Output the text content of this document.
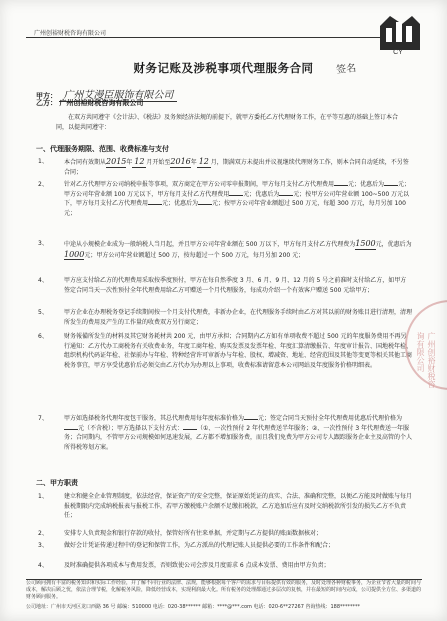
广州创裕财税咨询有限公司
CY
财务记账及涉税事项代理服务合同	签名
甲方： 广州艾漫臣服饰有限公司
乙方： 广州创裕财税咨询有限公司
在双方共同遵守《会计法》、《税法》及务须经济法规的前提下，就甲方委托乙方代理财务工作，在平等互惠的基础上签订本合同，以提共同遵守：
一、代理服务期限、范围、收费标准与支付
1、	本合同有效期从2015年 12 月开始至2016年 12 月，期满双方未提出并议视继续代理财务工作，则本合同自动延续，不另签合同；
2、	针对乙方代理甲方公司纳税申报等事项，双方商定在甲方公司零申报期间，甲方每月支付乙方代理费用 元；优惠后为 元；甲方公司年营业额 100 万元以下，甲方每月支付乙方代理费用 元；优惠后为 元；按甲方公司年营业额 100~500 万元以下，甲方每月支付乙方代理费用 元；优惠后为 元；按甲方公司年营业额超过 500 万元，每超 300 万元，每月另加 100 元；
3、	中途从小规模企业成为一般纳税人当月起，并且甲方公司年营业额在 500 万以下，甲方每月支付乙方代理费为1500元，优惠后为1000元；甲方公司年营业额超过 500 万，按每超过一个 500 万元，每月另加 200 元；
4、	甲方应支付给乙方的代理费用采取按季度预付，甲方在每自然季度 3 月、6 月、9 月、12 月的 5 号之前准时支付给乙方，如甲方签定合同当天一次性预付全年代理费用给乙方可赠送一个月代理服务，每成功介绍一个有效客户赠送 500 元给甲方；
5、	甲方企业在办理税务登记手续期间按一个月支付代理费，非新办企业，在代理服务手续时由乙方对其以前的财务账目进行清理，清理所发生的费用及产生的工作量的收费双方另行商定；
6、	财务報備所发生的材料及其它财务耗材共 200 元，由甲方承担；合同期内乙方如有单项收费不超过 500 元的年度服务费用不再另行通知：乙方代办工商税务有关收费业务，年度工商年检、购买发票及发票年检、年度汇算清缴报告、年度审计报告、国地税年检、组织机构代码证年检、社保前办与年检、特种经营许可审新办与年检、股权、增减资、地址、经营范围及其他等变更等相关其他工商税务事宜，甲方享受优惠价后必须交由乙方代办为办理以上事项，收费标准请留意本公司网站及年度服务价格明细表。
7、	甲方如选择税务代理年度包干服务，其总代理费用每年度标准价格为 元；签定合同当天预付全年代理费用优惠后代理价格为元（不含税）；甲方选择以下支付方式： （①、一次性预付 2 年代理费送半年服务；②、一次性预付 3 年代理费送一年服务；合同期内，不管甲方公司规模如何迅速发展，乙方都不增加服务费，而且我们免费为甲方公司专人跟踪服务企业主及高管的个人所得税筹划方案。
二、甲方职责
1、	建立和健全企业管理制度，依法经营，保证资产的安全完整，保证原始凭证的真实、合法、准确和完整，以便乙方能及时做账与每月报税期限内完成纳税报表与报税工作，若甲方缴税账户余额不足缴扣税款，乙方追加后应有及时交纳税款所引发的损失乙方不负责任；
2、	安排专人负责现金和银行存款的收付，保管好所有往来单据，并定期与乙方提供的账面数据核对；
3、	做好会计凭证传递过程中的登记和保管工作，为乙方派出的代理记账人员提供必要的工作条件和配合；
4、	及时准确提供各项成本与费用发票，否则致使公司会涉及月度需求 6 点成本发票、费用由甲方负责；
公司顾问拥有丰富的税务知识和实际工作经验，并了解不同行业的法律、法规，能够根据每个客户的需求与目标提供有效的服务，及时处理各种财税事务，为企业节省大量的时间与成本，解决后顾之忧，依法合理节税，化解税务风险，降低经营成本，实现利润最大化。所有税务的处理都通过多层次的复核，并在最短的时间内完成，公司提供全方位、多渠道的财务顾问服务。
公司地址：广州市天河区龙口西路 36 号 邮编：510000 电话：020-38****** 邮箱：****@***.com 电话：020-6**27267 咨询热线：188********
广州创裕财税咨询有限公司
